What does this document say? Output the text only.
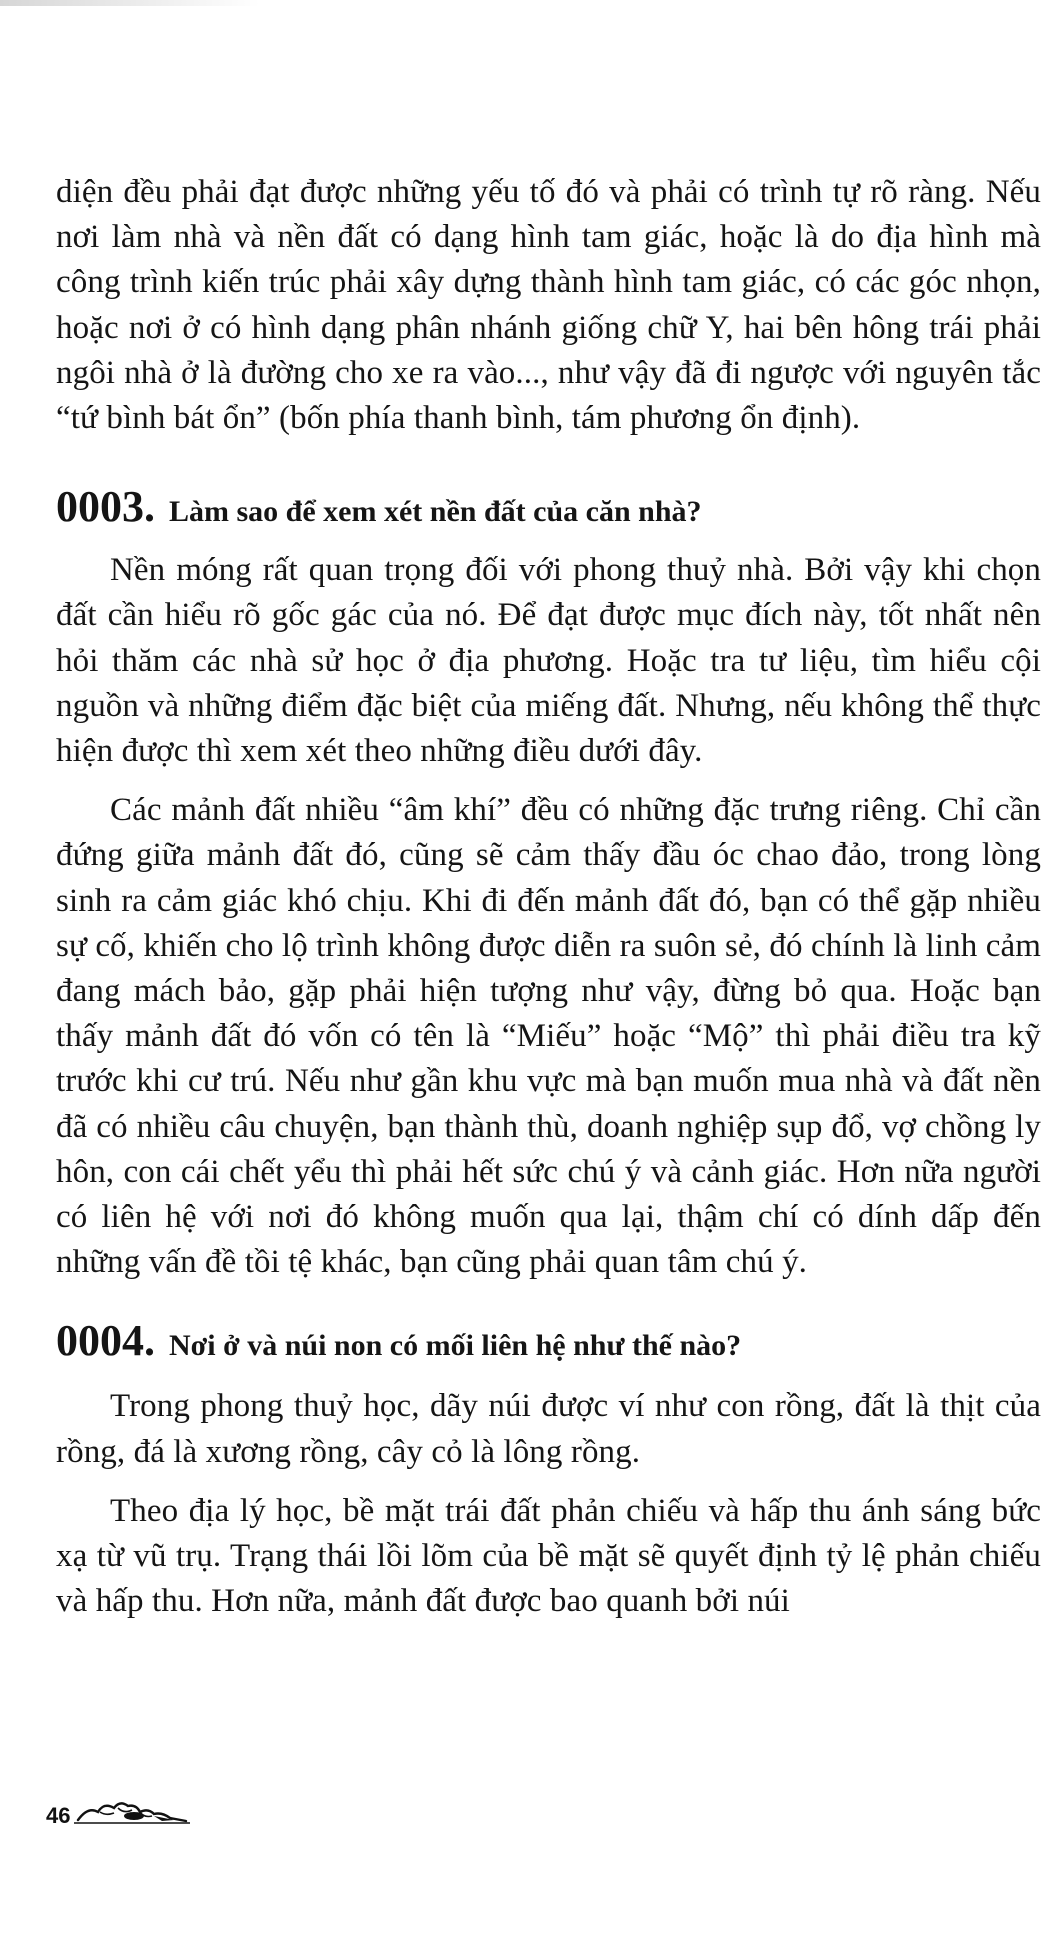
diện đều phải đạt được những yếu tố đó và phải có trình tự rõ ràng. Nếu nơi làm nhà và nền đất có dạng hình tam giác, hoặc là do địa hình mà công trình kiến trúc phải xây dựng thành hình tam giác, có các góc nhọn, hoặc nơi ở có hình dạng phân nhánh giống chữ Y, hai bên hông trái phải ngôi nhà ở là đường cho xe ra vào..., như vậy đã đi ngược với nguyên tắc “tứ bình bát ổn” (bốn phía thanh bình, tám phương ổn định).

0003. Làm sao để xem xét nền đất của căn nhà?

Nền móng rất quan trọng đối với phong thuỷ nhà. Bởi vậy khi chọn đất cần hiểu rõ gốc gác của nó. Để đạt được mục đích này, tốt nhất nên hỏi thăm các nhà sử học ở địa phương. Hoặc tra tư liệu, tìm hiểu cội nguồn và những điểm đặc biệt của miếng đất. Nhưng, nếu không thể thực hiện được thì xem xét theo những điều dưới đây.

Các mảnh đất nhiều “âm khí” đều có những đặc trưng riêng. Chỉ cần đứng giữa mảnh đất đó, cũng sẽ cảm thấy đầu óc chao đảo, trong lòng sinh ra cảm giác khó chịu. Khi đi đến mảnh đất đó, bạn có thể gặp nhiều sự cố, khiến cho lộ trình không được diễn ra suôn sẻ, đó chính là linh cảm đang mách bảo, gặp phải hiện tượng như vậy, đừng bỏ qua. Hoặc bạn thấy mảnh đất đó vốn có tên là “Miếu” hoặc “Mộ” thì phải điều tra kỹ trước khi cư trú. Nếu như gần khu vực mà bạn muốn mua nhà và đất nền đã có nhiều câu chuyện, bạn thành thù, doanh nghiệp sụp đổ, vợ chồng ly hôn, con cái chết yểu thì phải hết sức chú ý và cảnh giác. Hơn nữa người có liên hệ với nơi đó không muốn qua lại, thậm chí có dính dấp đến những vấn đề tồi tệ khác, bạn cũng phải quan tâm chú ý.

0004. Nơi ở và núi non có mối liên hệ như thế nào?

Trong phong thuỷ học, dãy núi được ví như con rồng, đất là thịt của rồng, đá là xương rồng, cây cỏ là lông rồng.

Theo địa lý học, bề mặt trái đất phản chiếu và hấp thu ánh sáng bức xạ từ vũ trụ. Trạng thái lồi lõm của bề mặt sẽ quyết định tỷ lệ phản chiếu và hấp thu. Hơn nữa, mảnh đất được bao quanh bởi núi

46
